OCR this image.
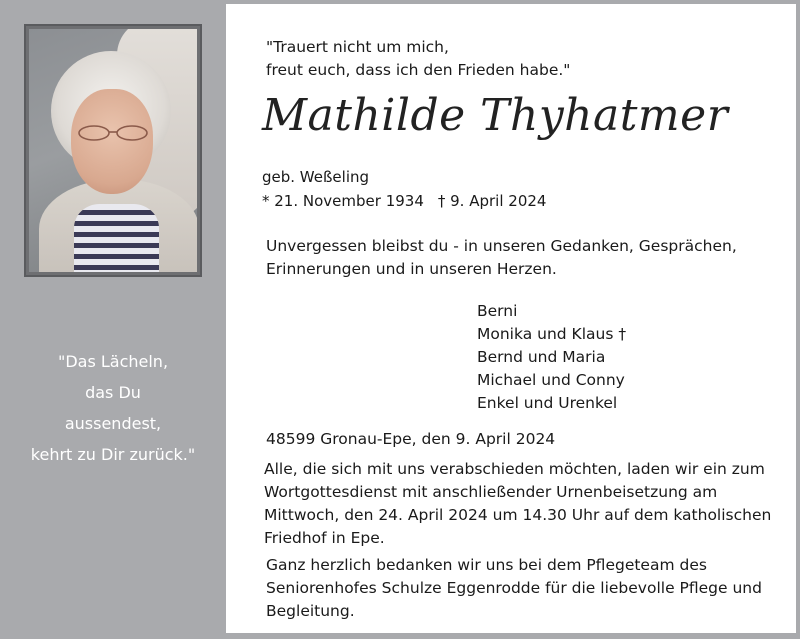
"Das Lächeln,
das Du
aussendest,
kehrt zu Dir zurück."
"Trauert nicht um mich,
freut euch, dass ich den Frieden habe."
Mathilde Thyhatmer
geb. Weßeling
* 21. November 1934 † 9. April 2024
Unvergessen bleibst du - in unseren Gedanken, Gesprächen,
Erinnerungen und in unseren Herzen.
Berni
Monika und Klaus †
Bernd und Maria
Michael und Conny
Enkel und Urenkel
48599 Gronau-Epe, den 9. April 2024
Alle, die sich mit uns verabschieden möchten, laden wir ein zum
Wortgottesdienst mit anschließender Urnenbeisetzung am
Mittwoch, den 24. April 2024 um 14.30 Uhr auf dem katholischen
Friedhof in Epe.
Ganz herzlich bedanken wir uns bei dem Pflegeteam des
Seniorenhofes Schulze Eggenrodde für die liebevolle Pflege und
Begleitung.
